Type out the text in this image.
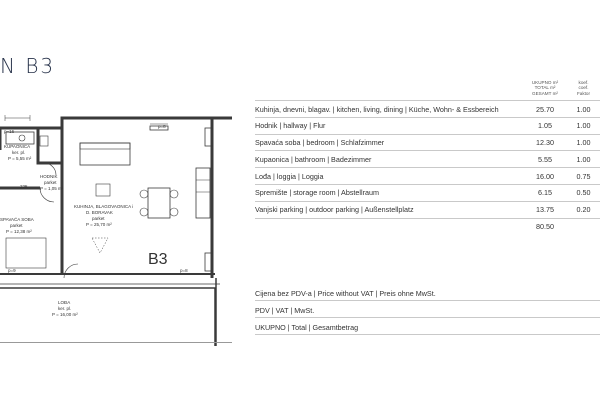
N B3
p=16
p=8
225
p=9	p=8
KUPAONICA
ker. pl.
P = 5,55 m²
HODNIK
parket
P = 1,05 m²
SPAVAĆA SOBA
parket
P = 12,38 m²
KUHINJA, BLAGOVAONICA i
D. BORAVAK
parket
P = 25,70 m²
LOĐA
ker. pl.
P = 16,00 m²
B3
UKUPNO m²
TOTAL m²
GESAMT m²
koef.
coef.
Faktor
Kuhinja, dnevni, blagav. | kitchen, living, dining | Küche, Wohn- & Essbereich	25.70	1.00
Hodnik | hallway | Flur	1.05	1.00
Spavaća soba | bedroom | Schlafzimmer	12.30	1.00
Kupaonica | bathroom | Badezimmer	5.55	1.00
Lođa | loggia | Loggia	16.00	0.75
Spremište | storage room | Abstellraum	6.15	0.50
Vanjski parking | outdoor parking | Außenstellplatz	13.75	0.20
80.50
Cijena bez PDV-a | Price without VAT | Preis ohne MwSt.
PDV | VAT | MwSt.
UKUPNO | Total | Gesamtbetrag
